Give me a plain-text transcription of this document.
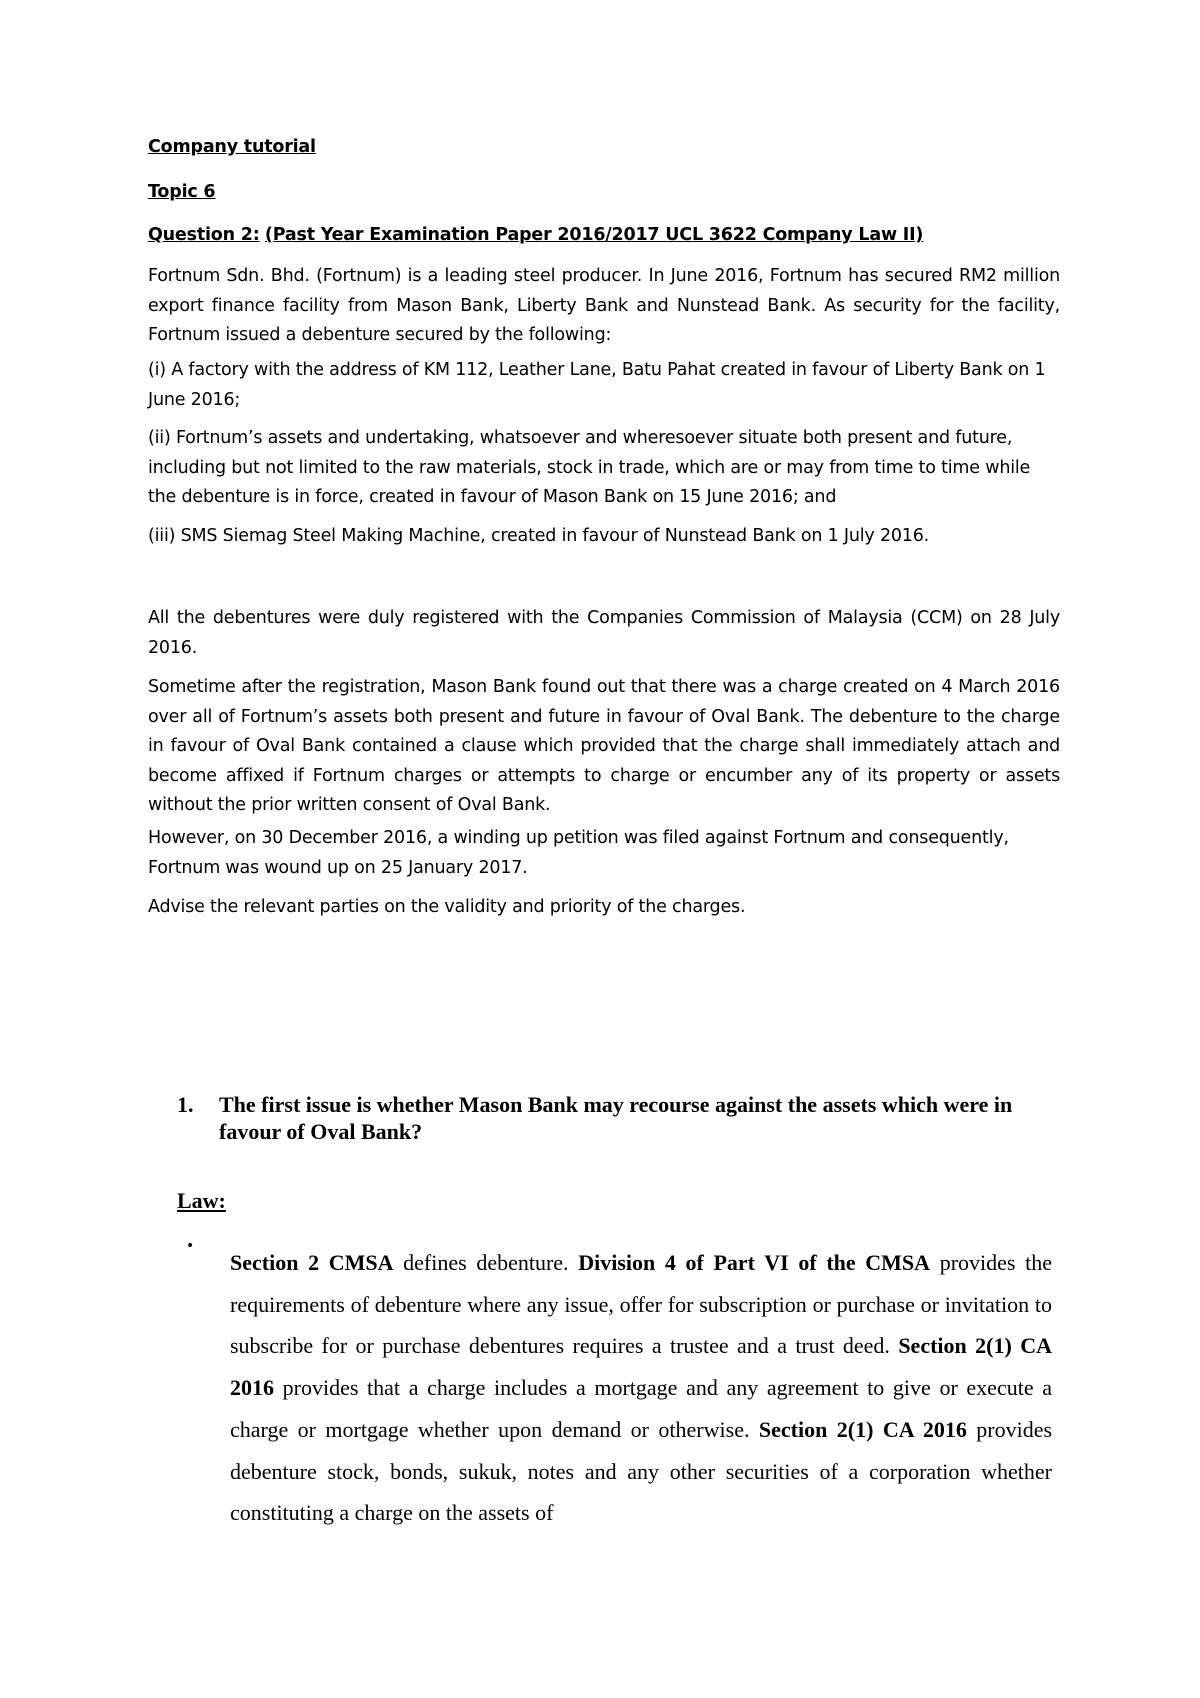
Company tutorial
Topic 6
Question 2: (Past Year Examination Paper 2016/2017 UCL 3622 Company Law II)
Fortnum Sdn. Bhd. (Fortnum) is a leading steel producer. In June 2016, Fortnum has secured RM2 million export finance facility from Mason Bank, Liberty Bank and Nunstead Bank. As security for the facility, Fortnum issued a debenture secured by the following:
(i) A factory with the address of KM 112, Leather Lane, Batu Pahat created in favour of Liberty Bank on 1 June 2016;
(ii) Fortnum’s assets and undertaking, whatsoever and wheresoever situate both present and future, including but not limited to the raw materials, stock in trade, which are or may from time to time while the debenture is in force, created in favour of Mason Bank on 15 June 2016; and
(iii) SMS Siemag Steel Making Machine, created in favour of Nunstead Bank on 1 July 2016.
All the debentures were duly registered with the Companies Commission of Malaysia (CCM) on 28 July 2016.
Sometime after the registration, Mason Bank found out that there was a charge created on 4 March 2016 over all of Fortnum’s assets both present and future in favour of Oval Bank. The debenture to the charge in favour of Oval Bank contained a clause which provided that the charge shall immediately attach and become affixed if Fortnum charges or attempts to charge or encumber any of its property or assets without the prior written consent of Oval Bank.
However, on 30 December 2016, a winding up petition was filed against Fortnum and consequently, Fortnum was wound up on 25 January 2017.
Advise the relevant parties on the validity and priority of the charges.
1. The first issue is whether Mason Bank may recourse against the assets which were in favour of Oval Bank?
Law:
•
Section 2 CMSA defines debenture. Division 4 of Part VI of the CMSA provides the requirements of debenture where any issue, offer for subscription or purchase or invitation to subscribe for or purchase debentures requires a trustee and a trust deed. Section 2(1) CA 2016 provides that a charge includes a mortgage and any agreement to give or execute a charge or mortgage whether upon demand or otherwise. Section 2(1) CA 2016 provides debenture stock, bonds, sukuk, notes and any other securities of a corporation whether constituting a charge on the assets of
